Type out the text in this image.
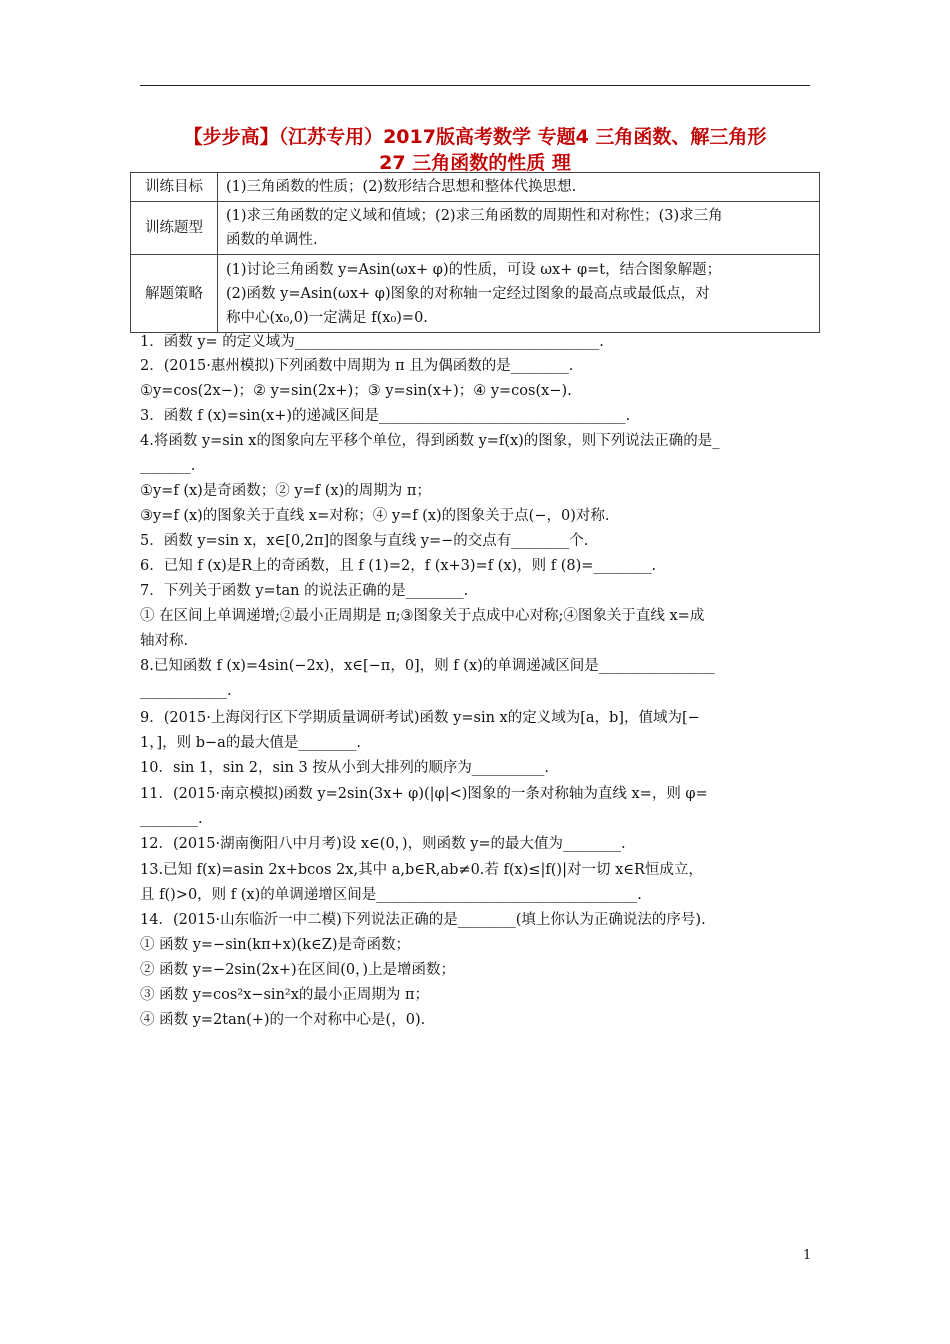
【步步高】（江苏专用）2017版高考数学 专题4 三角函数、解三角形
27 三角函数的性质 理
训练目标	(1)三角函数的性质；(2)数形结合思想和整体代换思想.

训练题型	(1)求三角函数的定义域和值域；(2)求三角函数的周期性和对称性；(3)求三角
函数的单调性.

解题策略	(1)讨论三角函数 y=Asin(ωx+ φ)的性质，可设 ωx+ φ=t，结合图象解题；
(2)函数 y=Asin(ωx+ φ)图象的对称轴一定经过图象的最高点或最低点，对
称中心(x₀,0)一定满足 f(x₀)=0.
1．函数 y= 的定义域为__________________________________________.
2．(2015·惠州模拟)下列函数中周期为 π 且为偶函数的是________.
①y=cos(2x−)；② y=sin(2x+)；③ y=sin(x+)；④ y=cos(x−).
3．函数 f (x)=sin(x+)的递减区间是__________________________________.
4.将函数 y=sin x的图象向左平移个单位，得到函数 y=f(x)的图象，则下列说法正确的是_
_______.
①y=f (x)是奇函数；② y=f (x)的周期为 π；
③y=f (x)的图象关于直线 x=对称；④ y=f (x)的图象关于点(−，0)对称.
5．函数 y=sin x，x∈[0,2π]的图象与直线 y=−的交点有________个.
6．已知 f (x)是R上的奇函数，且 f (1)=2，f (x+3)=f (x)，则 f (8)=________.
7．下列关于函数 y=tan 的说法正确的是________.
① 在区间上单调递增;②最小正周期是 π;③图象关于点成中心对称;④图象关于直线 x=成
轴对称.
8.已知函数 f (x)=4sin(−2x)，x∈[−π，0]，则 f (x)的单调递减区间是________________
____________.
9．(2015·上海闵行区下学期质量调研考试)函数 y=sin x的定义域为[a，b]，值域为[−
1，]，则 b−a的最大值是________.
10．sin 1，sin 2，sin 3 按从小到大排列的顺序为__________.
11．(2015·南京模拟)函数 y=2sin(3x+ φ)(|φ|<)图象的一条对称轴为直线 x=，则 φ=
________.
12．(2015·湖南衡阳八中月考)设 x∈(0，)，则函数 y=的最大值为________.
13.已知 f(x)=asin 2x+bcos 2x,其中 a,b∈R,ab≠0.若 f(x)≤|f()|对一切 x∈R恒成立，
且 f()>0，则 f (x)的单调递增区间是____________________________________.
14．(2015·山东临沂一中二模)下列说法正确的是________(填上你认为正确说法的序号).
① 函数 y=−sin(kπ+x)(k∈Z)是奇函数；
② 函数 y=−2sin(2x+)在区间(0，)上是增函数；
③ 函数 y=cos²x−sin²x的最小正周期为 π；
④ 函数 y=2tan(+)的一个对称中心是(，0).
1
